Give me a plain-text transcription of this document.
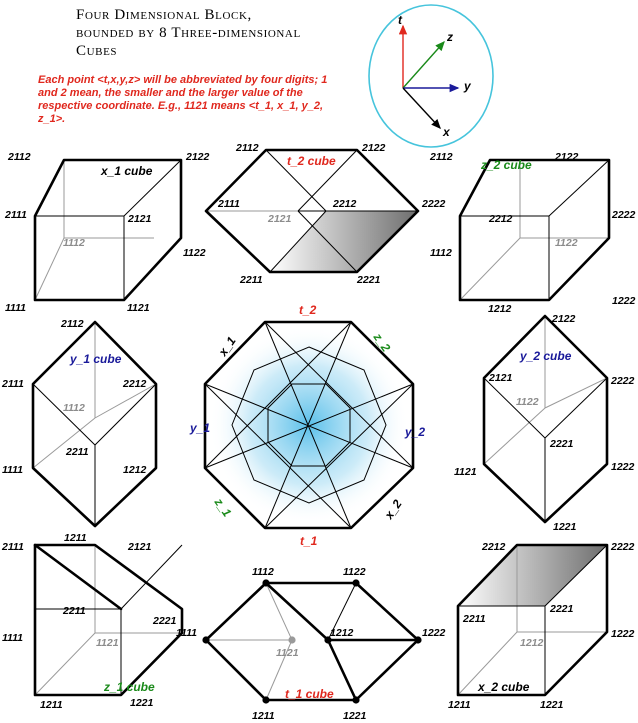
Four Dimensional Block,
bounded by 8 Three-dimensional
Cubes
Each point <t,x,y,z> will be abbreviated by four digits; 1 and 2 mean, the smaller and the larger value of the respective coordinate. E.g., 1121 means <t_1, x_1, y_2, z_1>.
t
z
y
x
2112	2122
2111	2121
1112
1122
1111	1121
x_1 cube
2112	2122
2111	2212	2222
2121
2211	2221
t_2 cube	2112	2122
2212	2222
1112
1122
1212
1222
z_2 cube
2112
2111	2212
1112
2211
1111	1212
1211
y_1 cube
t_2
t_1
x_1
x_2
y_1	y_2
z_1
z_2
2122
2121	2222
1122
2221
1121	1222
1221
y_2 cube
2111	2121
2211
2221
1111	1121
1211	1221
z_1 cube
1112	1122
1111	1212	1222
1121
1211	1221
t_1 cube
2212	2222
2211
2221
1212
1222
1211	1221
x_2 cube
